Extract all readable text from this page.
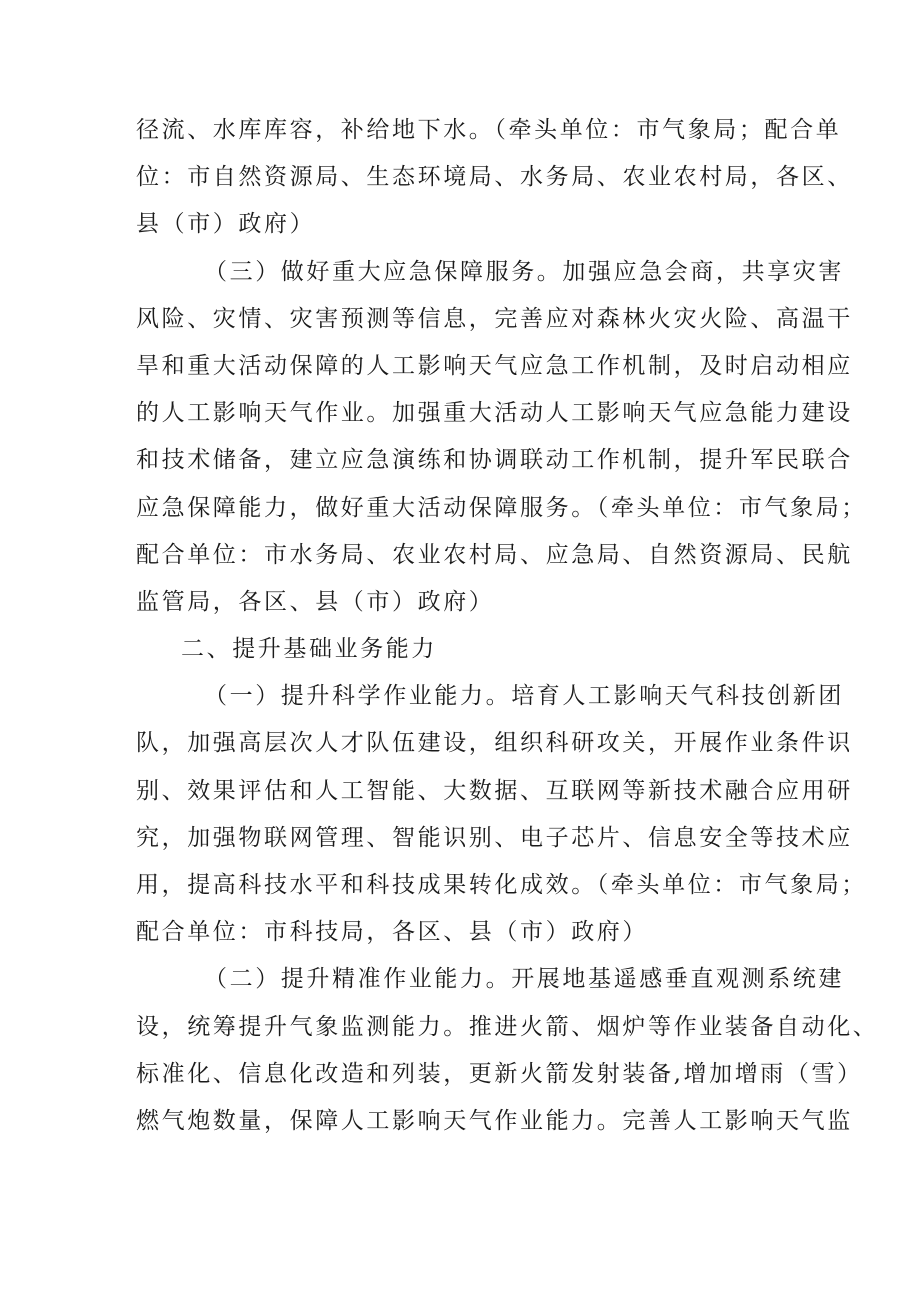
径流、水库库容，补给地下水。（牵头单位：市气象局；配合单
位：市自然资源局、生态环境局、水务局、农业农村局，各区、
县（市）政府）
（三）做好重大应急保障服务。加强应急会商，共享灾害
风险、灾情、灾害预测等信息，完善应对森林火灾火险、高温干
旱和重大活动保障的人工影响天气应急工作机制，及时启动相应
的人工影响天气作业。加强重大活动人工影响天气应急能力建设
和技术储备，建立应急演练和协调联动工作机制，提升军民联合
应急保障能力，做好重大活动保障服务。（牵头单位：市气象局；
配合单位：市水务局、农业农村局、应急局、自然资源局、民航
监管局，各区、县（市）政府）
二、提升基础业务能力
（一）提升科学作业能力。培育人工影响天气科技创新团
队，加强高层次人才队伍建设，组织科研攻关，开展作业条件识
别、效果评估和人工智能、大数据、互联网等新技术融合应用研
究，加强物联网管理、智能识别、电子芯片、信息安全等技术应
用，提高科技水平和科技成果转化成效。（牵头单位：市气象局；
配合单位：市科技局，各区、县（市）政府）
（二）提升精准作业能力。开展地基遥感垂直观测系统建
设，统筹提升气象监测能力。推进火箭、烟炉等作业装备自动化、
标准化、信息化改造和列装，更新火箭发射装备,增加增雨（雪）
燃气炮数量，保障人工影响天气作业能力。完善人工影响天气监
